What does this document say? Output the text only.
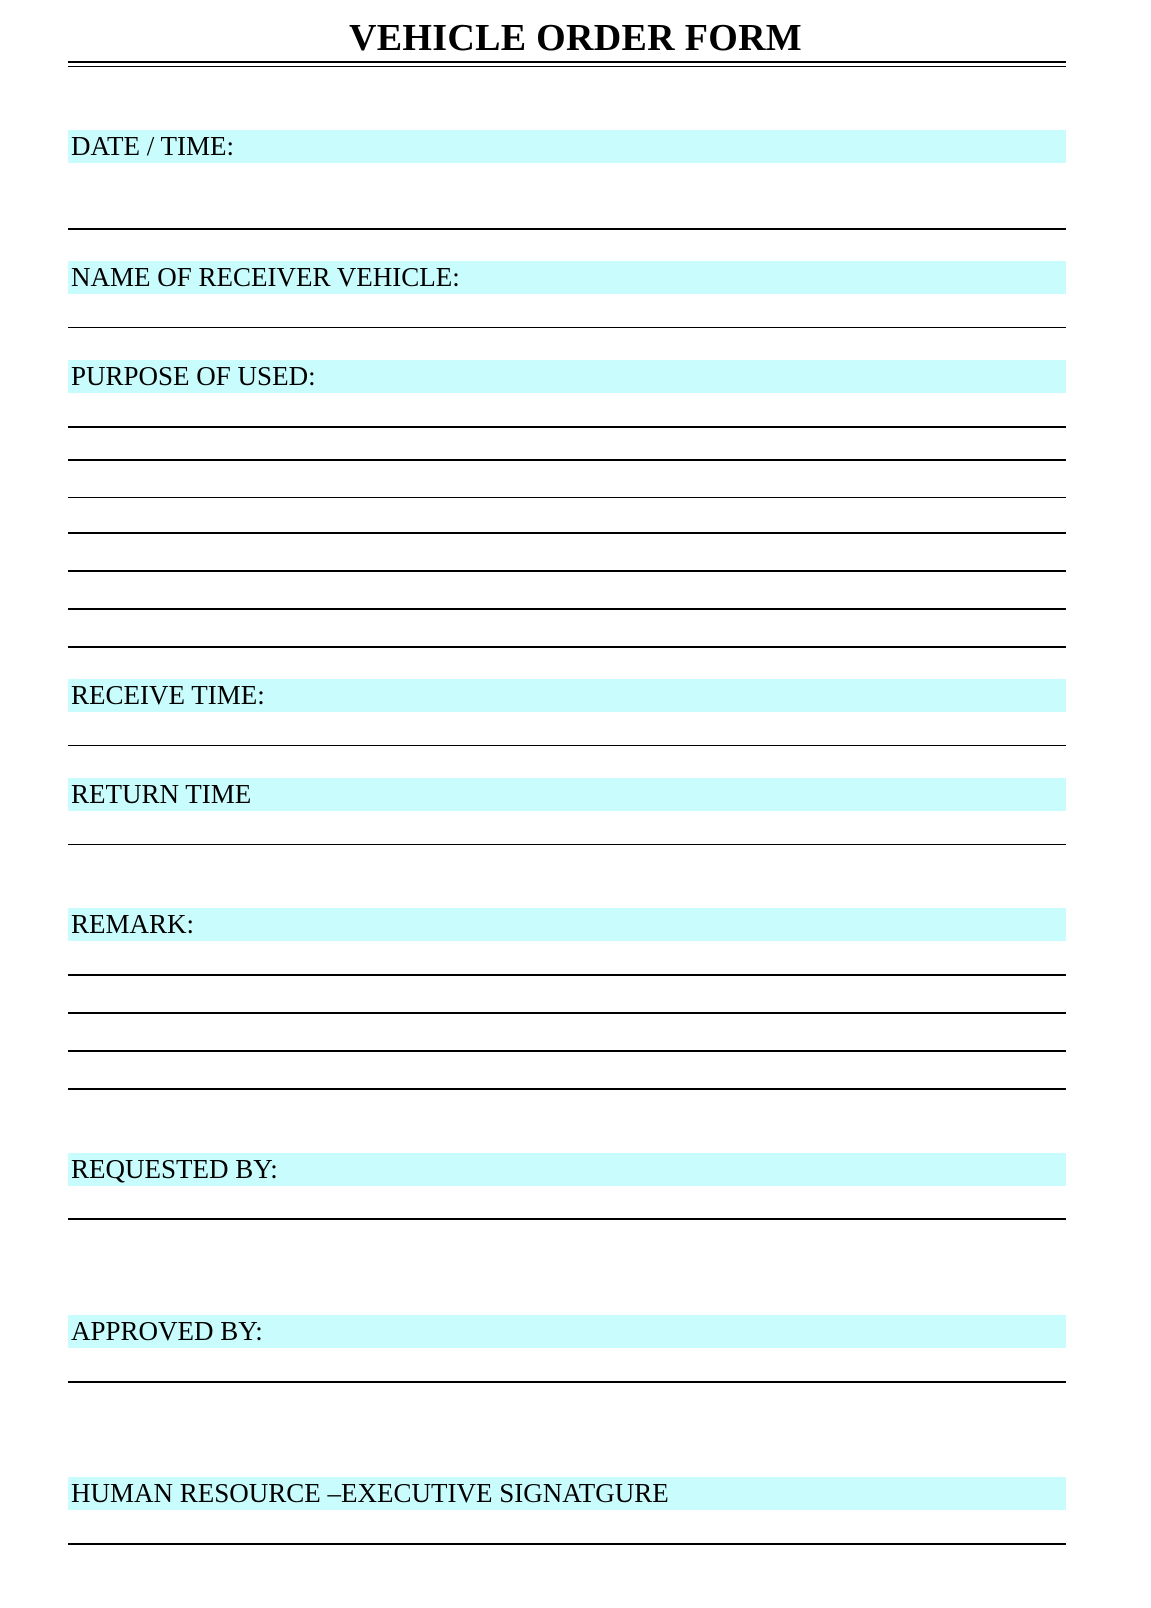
VEHICLE ORDER FORM
DATE / TIME:
NAME OF RECEIVER VEHICLE:
PURPOSE OF USED:
RECEIVE TIME:
RETURN TIME
REMARK:
REQUESTED BY:
APPROVED BY:
HUMAN RESOURCE –EXECUTIVE SIGNATGURE
